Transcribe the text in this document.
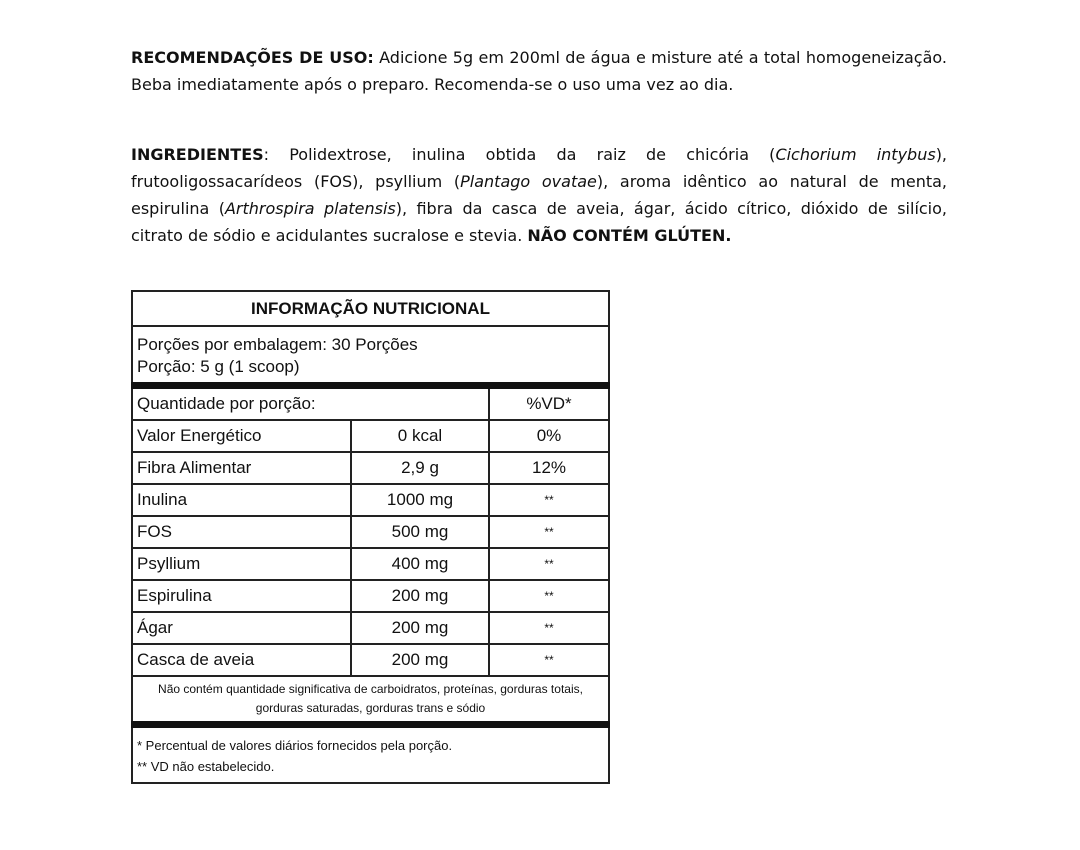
RECOMENDAÇÕES DE USO: Adicione 5g em 200ml de água e misture até a total homogeneização. Beba imediatamente após o preparo. Recomenda-se o uso uma vez ao dia.

INGREDIENTES: Polidextrose, inulina obtida da raiz de chicória (Cichorium intybus), frutooligossacarídeos (FOS), psyllium (Plantago ovatae), aroma idêntico ao natural de menta, espirulina (Arthrospira platensis), fibra da casca de aveia, ágar, ácido cítrico, dióxido de silício, citrato de sódio e acidulantes sucralose e stevia. NÃO CONTÉM GLÚTEN.

INFORMAÇÃO NUTRICIONAL		

Porções por embalagem: 30 Porções
Porção: 5 g (1 scoop)		

Quantidade por porção:		%VD*
Valor Energético	0 kcal	0%
Fibra Alimentar	2,9 g	12%
Inulina	1000 mg	**
FOS	500 mg	**
Psyllium	400 mg	**
Espirulina	200 mg	**
Ágar	200 mg	**
Casca de aveia	200 mg	**
Não contém quantidade significativa de carboidratos, proteínas, gorduras totais, gorduras saturadas, gorduras trans e sódio		

* Percentual de valores diários fornecidos pela porção.
** VD não estabelecido.		
